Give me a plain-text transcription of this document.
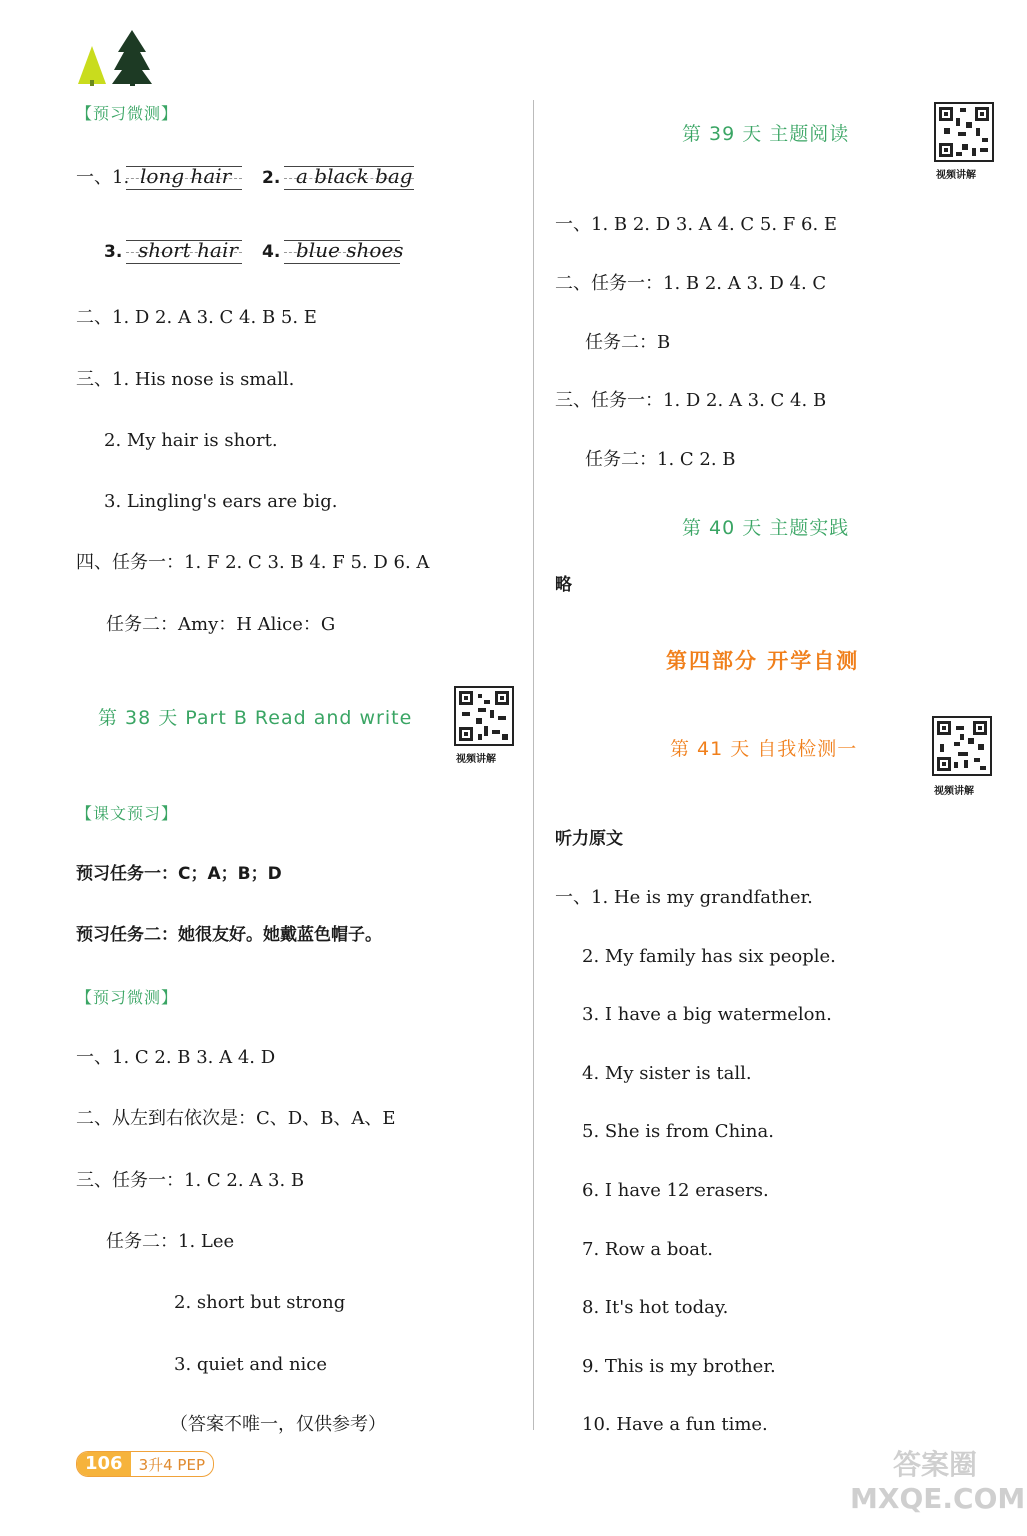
【预习微测】
一、1. long hair 2. a black bag
3. short hair 4. blue shoes
二、1. D 2. A 3. C 4. B 5. E
三、1. His nose is small.
2. My hair is short.
3. Lingling's ears are big.
四、任务一：1. F 2. C 3. B 4. F 5. D 6. A
任务二：Amy：H Alice：G
第 38 天 Part B Read and write
视频讲解
【课文预习】
预习任务一：C；A；B；D
预习任务二：她很友好。她戴蓝色帽子。
【预习微测】
一、1. C 2. B 3. A 4. D
二、从左到右依次是：C、D、B、A、E
三、任务一：1. C 2. A 3. B
任务二：1. Lee
2. short but strong
3. quiet and nice
（答案不唯一，仅供参考）
第 39 天 主题阅读
视频讲解
一、1. B 2. D 3. A 4. C 5. F 6. E
二、任务一：1. B 2. A 3. D 4. C
任务二：B
三、任务一：1. D 2. A 3. C 4. B
任务二：1. C 2. B
第 40 天 主题实践
略
第四部分 开学自测
第 41 天 自我检测一
视频讲解
听力原文
一、1. He is my grandfather.
2. My family has six people.
3. I have a big watermelon.
4. My sister is tall.
5. She is from China.
6. I have 12 erasers.
7. Row a boat.
8. It's hot today.
9. This is my brother.
10. Have a fun time.
106	3升4 PEP	答案圈 MXQE.COM
